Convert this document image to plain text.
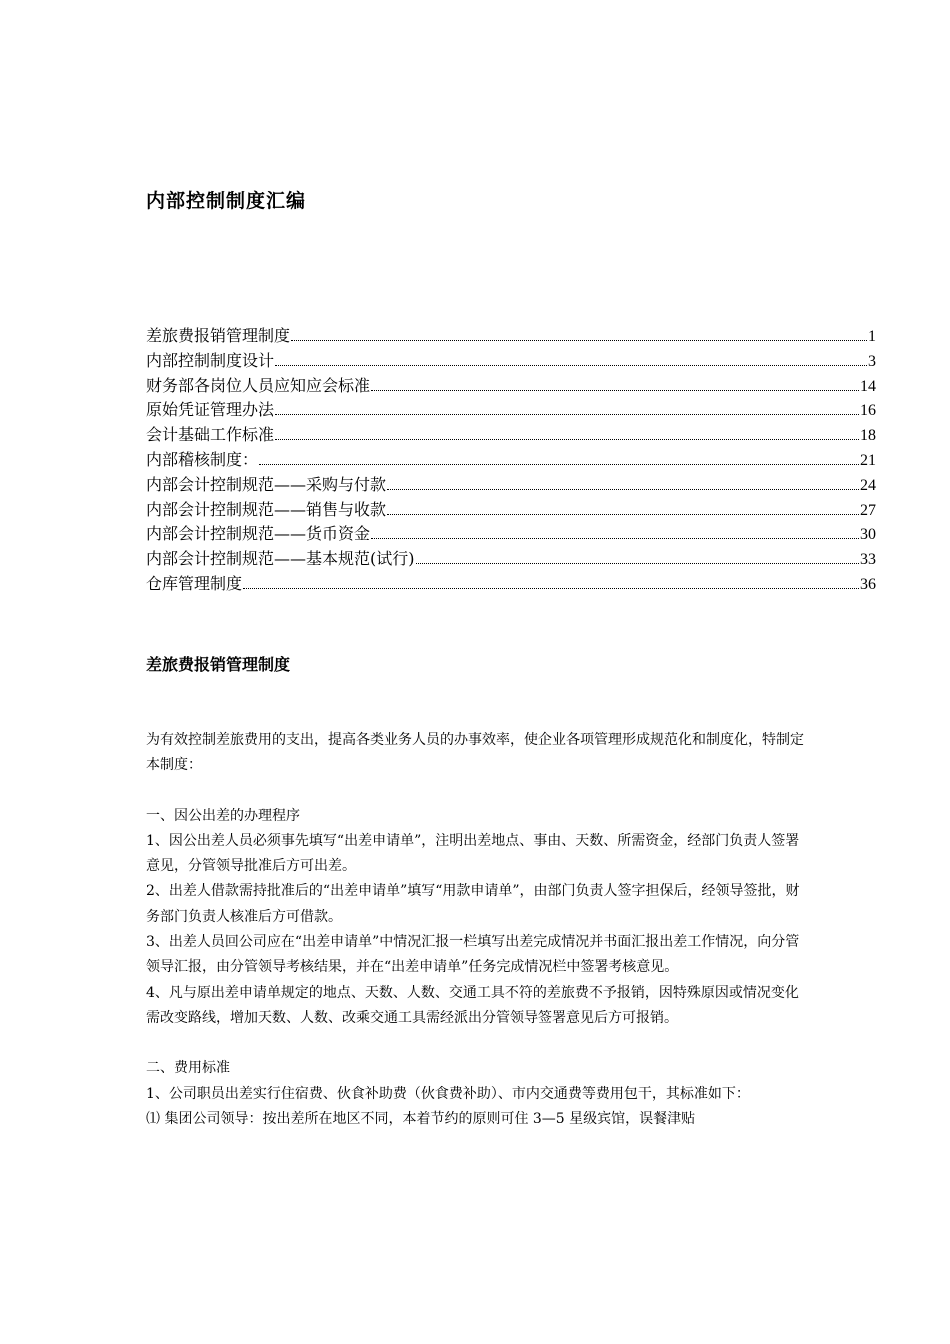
内部控制制度汇编
差旅费报销管理制度	1
内部控制制度设计	3
财务部各岗位人员应知应会标准	14
原始凭证管理办法	16
会计基础工作标准	18
内部稽核制度：	21
内部会计控制规范——采购与付款	24
内部会计控制规范——销售与收款	27
内部会计控制规范——货币资金	30
内部会计控制规范——基本规范(试行)	33
仓库管理制度	36
差旅费报销管理制度

为有效控制差旅费用的支出，提高各类业务人员的办事效率，使企业各项管理形成规范化和制度化，特制定本制度：

一、因公出差的办理程序

1、因公出差人员必须事先填写“出差申请单”，注明出差地点、事由、天数、所需资金，经部门负责人签署意见，分管领导批准后方可出差。

2、出差人借款需持批准后的“出差申请单”填写“用款申请单”，由部门负责人签字担保后，经领导签批，财务部门负责人核准后方可借款。

3、出差人员回公司应在“出差申请单”中情况汇报一栏填写出差完成情况并书面汇报出差工作情况，向分管领导汇报，由分管领导考核结果，并在“出差申请单”任务完成情况栏中签署考核意见。

4、凡与原出差申请单规定的地点、天数、人数、交通工具不符的差旅费不予报销，因特殊原因或情况变化需改变路线，增加天数、人数、改乘交通工具需经派出分管领导签署意见后方可报销。

二、费用标准

1、公司职员出差实行住宿费、伙食补助费（伙食费补助）、市内交通费等费用包干，其标准如下：

⑴ 集团公司领导：按出差所在地区不同，本着节约的原则可住 3—5 星级宾馆，误餐津贴
